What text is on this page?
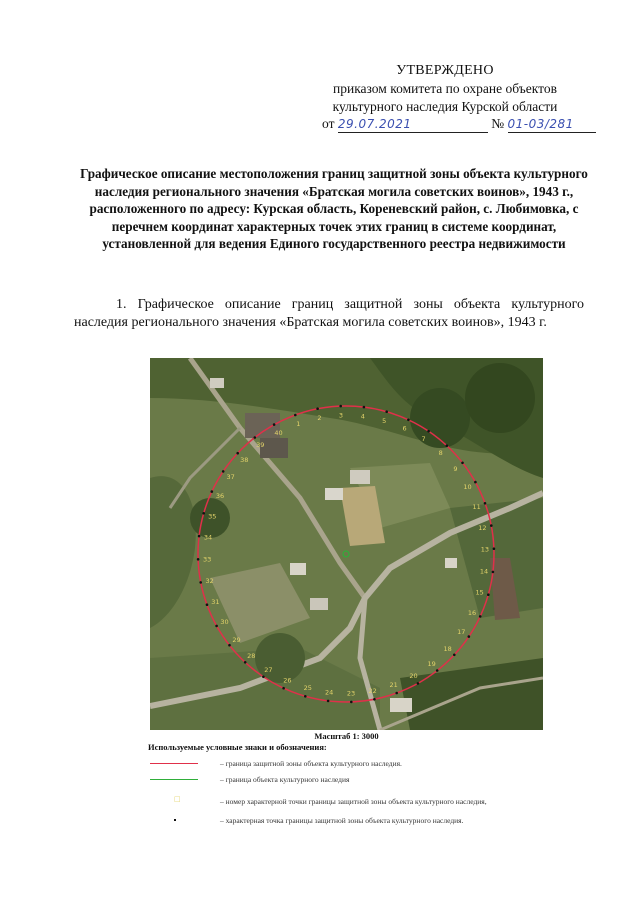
УТВЕРЖДЕНО
приказом комитета по охране объектов
культурного наследия Курской области
от 29.07.2021	№ 01-03/281
Графическое описание местоположения границ защитной зоны объекта культурного наследия регионального значения «Братская могила советских воинов», 1943 г., расположенного по адресу: Курская область, Кореневский район, с. Любимовка, с перечнем координат характерных точек этих границ в системе координат, установленной для ведения Единого государственного реестра недвижимости
1. Графическое описание границ защитной зоны объекта культурного наследия регионального значения «Братская могила советских воинов», 1943 г.
1
2	3	4
5
6
7
8
9
10
11
12
13
14
15
16
17
18
19
20
21
22
23
24
25
26
27
28
29
30
31
32
33
34
35
36
37
38
39
40
Масштаб 1: 3000
Используемые условные знаки и обозначения:
– граница защитной зоны объекта культурного наследия.
– граница объекта культурного наследия
□	– номер характерной точки границы защитной зоны объекта культурного наследия,
– характерная точка границы защитной зоны объекта культурного наследия.
